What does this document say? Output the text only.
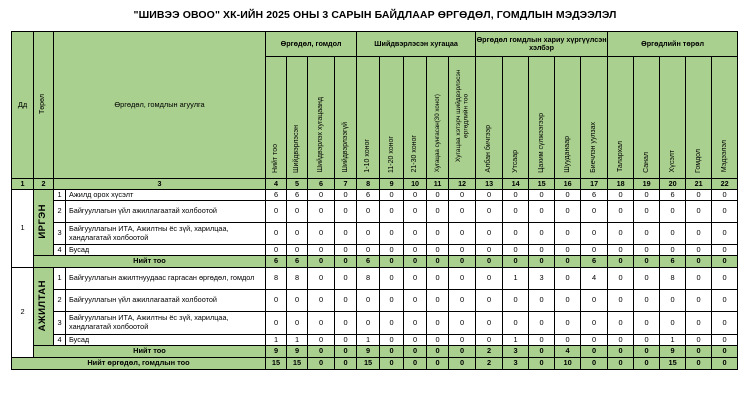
"ШИВЭЭ ОВОО" ХК-ИЙН 2025 ОНЫ 3 САРЫН БАЙДЛААР ӨРГӨДӨЛ, ГОМДЛЫН МЭДЭЭЛЭЛ
Дд	Төрөл	Өргөдөл, гомдлын агуулга		Өргөдөл, гомдол				Шийдвэрлэсэн хугацаа					Өргөдөл гомдлын хариу хүргүүлсэн хэлбэр					Өргөдлийн төрөл				
				Нийт тоо	Шийдвэрлэсэн	Шийдвэрлэх хугацаанд	Шийдвэрлээгүй	1-10 хоног	11-20 хоног	21-30 хоног	Хугацаа сунгасан(30 хоног)	Хугацаа хэтэрч шийдвэрлэсэн өргөдлийн тоо	Албан бичгээр	Утсаар	Цахим сүлжээгээр	Шууданаар	Биечлэн уулзах	Талархал	Санал	Хүсэлт	Гомдол	Мэдээлэл
1	2	3		4	5	6	7	8	9	10	11	12	13	14	15	16	17	18	19	20	21	22
1	ИРГЭН	1	Ажилд орох хүсэлт	6	6	0	0	6	0	0	0	0	0	0	0	0	6	0	0	6	0	0
		2	Байгууллагын үйл ажиллагаатай холбоотой	0	0	0	0	0	0	0	0	0	0	0	0	0	0	0	0	0	0	0
		3	Байгууллагын ИТА, Ажилтны ёс зүй, харилцаа, хандлагатай холбоотой	0	0	0	0	0	0	0	0	0	0	0	0	0	0	0	0	0	0	0
		4	Бусад	0	0	0	0	0	0	0	0	0	0	0	0	0	0	0	0	0	0	0
	Нийт тоо			6	6	0	0	6	0	0	0	0	0	0	0	0	6	0	0	6	0	0
2	АЖИЛТАН	1	Байгууллагын ажилтнуудаас гаргасан өргөдөл, гомдол	8	8	0	0	8	0	0	0	0	0	1	3	0	4	0	0	8	0	0
		2	Байгууллагын үйл ажиллагаатай холбоотой	0	0	0	0	0	0	0	0	0	0	0	0	0	0	0	0	0	0	0
		3	Байгууллагын ИТА, Ажилтны ёс зүй, харилцаа, хандлагатай холбоотой	0	0	0	0	0	0	0	0	0	0	0	0	0	0	0	0	0	0	0
		4	Бусад	1	1	0	0	1	0	0	0	0	0	1	0	0	0	0	0	1	0	0
	Нийт тоо			9	9	0	0	9	0	0	0	0	2	3	0	4	0	0	0	9	0	0
Нийт өргөдөл, гомдлын тоо				15	15	0	0	15	0	0	0	0	2	3	0	10	0	0	0	15	0	0
